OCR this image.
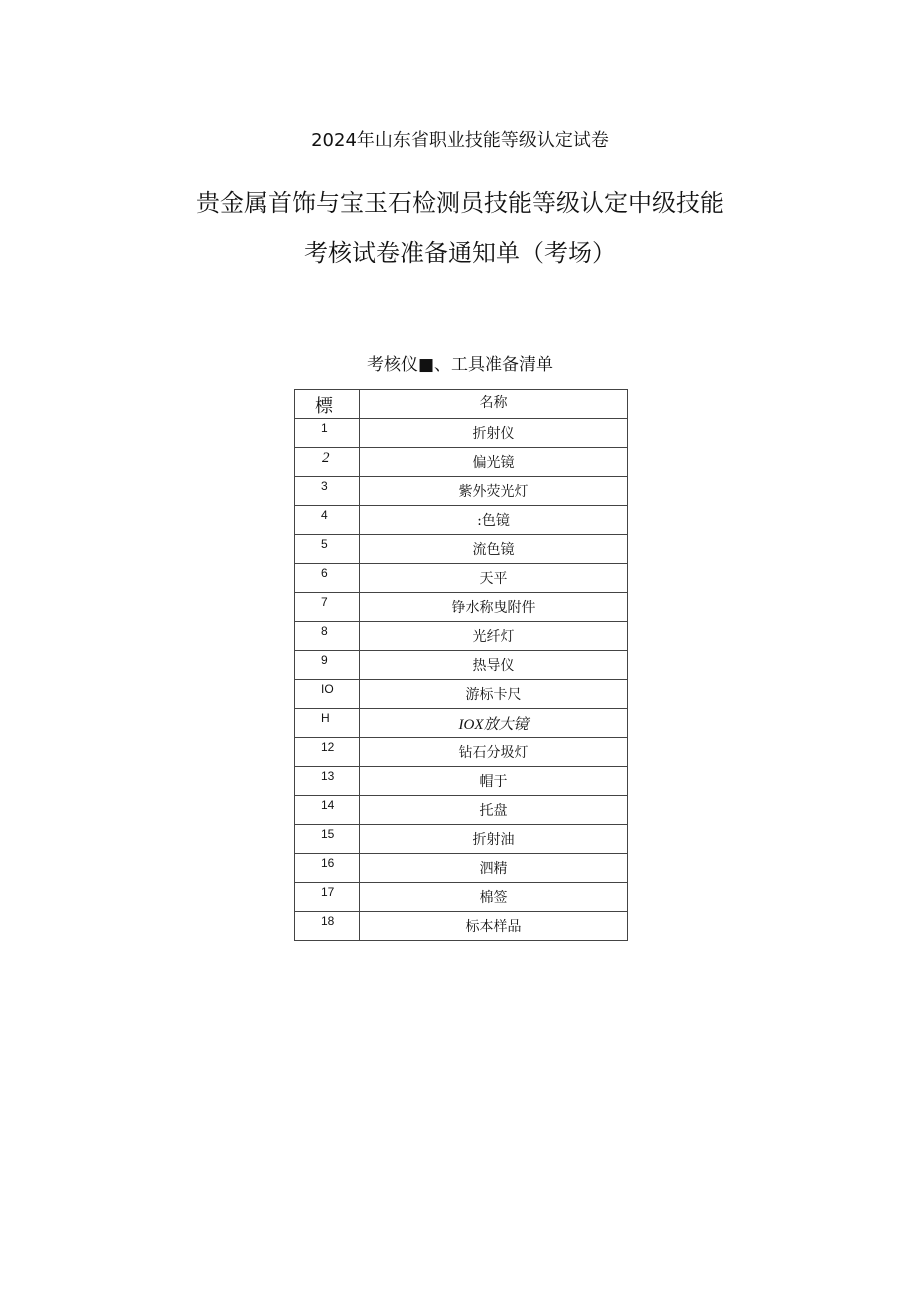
2024年山东省职业技能等级认定试卷
贵金属首饰与宝玉石检测员技能等级认定中级技能
考核试卷准备通知单（考场）
考核仪■、工具准备清单
標	名称
1	折射仪
2	偏光镜
3	紫外荧光灯
4	:色镜
5	流色镜
6	天平
7	铮水称曳附件
8	光纤灯
9	热导仪
IO	游标卡尺
H	IOX放大镜
12	钻石分圾灯
13	帽于
14	托盘
15	折射油
16	泗精
17	棉签
18	标本样品
